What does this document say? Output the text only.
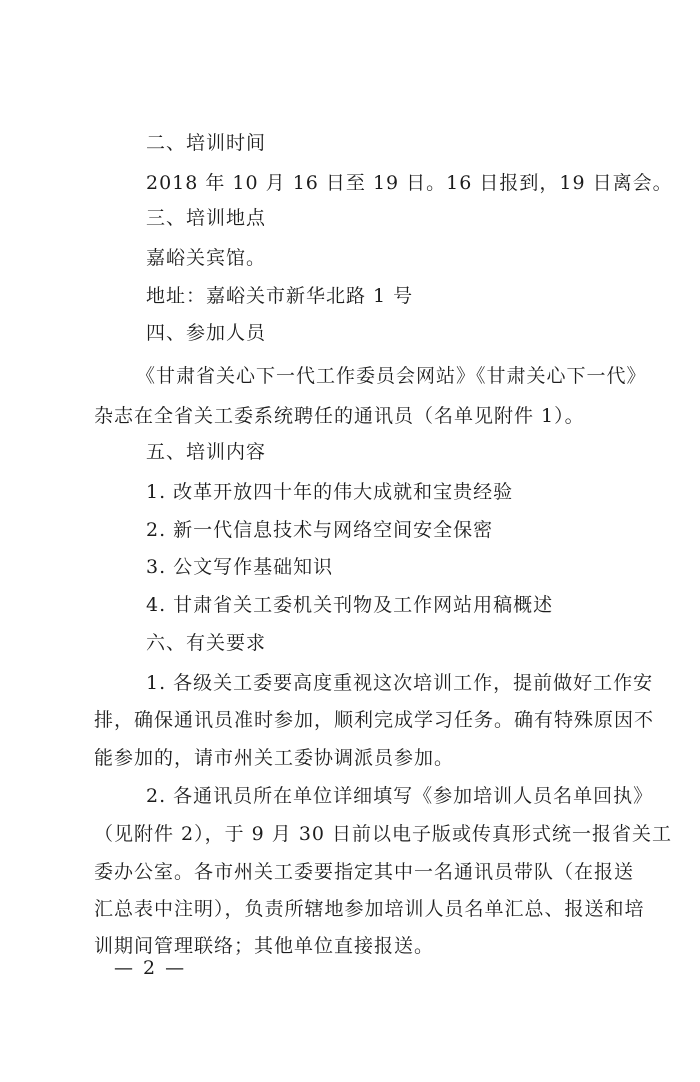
二、培训时间
2018 年 10 月 16 日至 19 日。16 日报到，19 日离会。
三、培训地点
嘉峪关宾馆。
地址：嘉峪关市新华北路 1 号
四、参加人员
《甘肃省关心下一代工作委员会网站》《甘肃关心下一代》
杂志在全省关工委系统聘任的通讯员（名单见附件 1）。
五、培训内容
1. 改革开放四十年的伟大成就和宝贵经验
2. 新一代信息技术与网络空间安全保密
3. 公文写作基础知识
4. 甘肃省关工委机关刊物及工作网站用稿概述
六、有关要求
1. 各级关工委要高度重视这次培训工作，提前做好工作安
排，确保通讯员准时参加，顺利完成学习任务。确有特殊原因不
能参加的，请市州关工委协调派员参加。
2. 各通讯员所在单位详细填写《参加培训人员名单回执》
（见附件 2），于 9 月 30 日前以电子版或传真形式统一报省关工
委办公室。各市州关工委要指定其中一名通讯员带队（在报送
汇总表中注明），负责所辖地参加培训人员名单汇总、报送和培
训期间管理联络；其他单位直接报送。
— 2 —
